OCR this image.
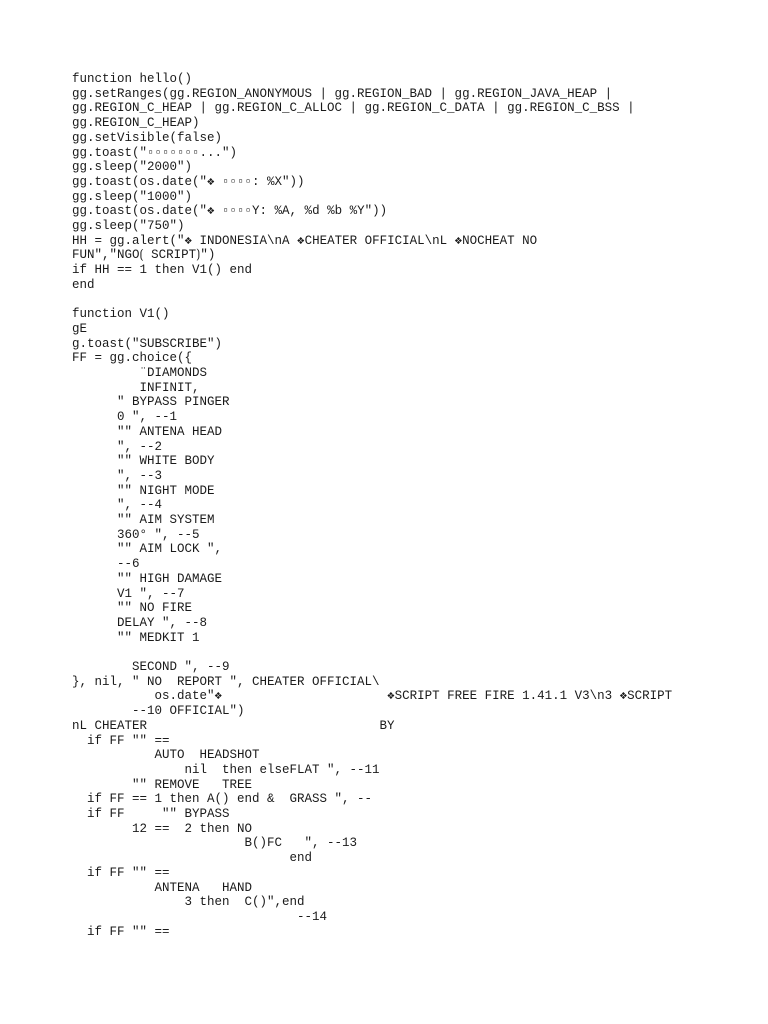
function hello()
gg.setRanges(gg.REGION_ANONYMOUS | gg.REGION_BAD | gg.REGION_JAVA_HEAP |
gg.REGION_C_HEAP | gg.REGION_C_ALLOC | gg.REGION_C_DATA | gg.REGION_C_BSS |
gg.REGION_C_HEAP)
gg.setVisible(false)
gg.toast("▫▫▫▫▫▫▫...")
gg.sleep("2000")
gg.toast(os.date("❖ ▫▫▫▫: %X"))
gg.sleep("1000")
gg.toast(os.date("❖ ▫▫▫▫Y: %A, %d %b %Y"))
gg.sleep("750")
HH = gg.alert("❖ INDONESIA\nA ❖CHEATER OFFICIAL\nL ❖NOCHEAT NO
FUN","NGO⟮ SCRIPT⟯")
if HH == 1 then V1() end
end
function V1()
gE
g.toast("SUBSCRIBE")
FF = gg.choice({
¨DIAMONDS
INFINIT,
" BYPASS PINGER
0 ", --1
"" ANTENA HEAD
", --2
"" WHITE BODY
", --3
"" NIGHT MODE
", --4
"" AIM SYSTEM
360° ", --5
"" AIM LOCK ",
--6
"" HIGH DAMAGE
V1 ", --7
"" NO FIRE
DELAY ", --8
"" MEDKIT 1
SECOND ", --9
}, nil, " NO  REPORT ", CHEATER OFFICIAL\
os.date"❖                      ❖SCRIPT FREE FIRE 1.41.1 V3\n3 ❖SCRIPT
--10 OFFICIAL")
nL CHEATER                               BY
if FF "" ==
AUTO  HEADSHOT
nil  then elseFLAT ", --11
"" REMOVE   TREE
if FF == 1 then A() end &  GRASS ", --
if FF     "" BYPASS
12 ==  2 then NO
B()FC   ", --13
end
if FF "" ==
ANTENA   HAND
3 then  C()",end
--14
if FF "" ==
